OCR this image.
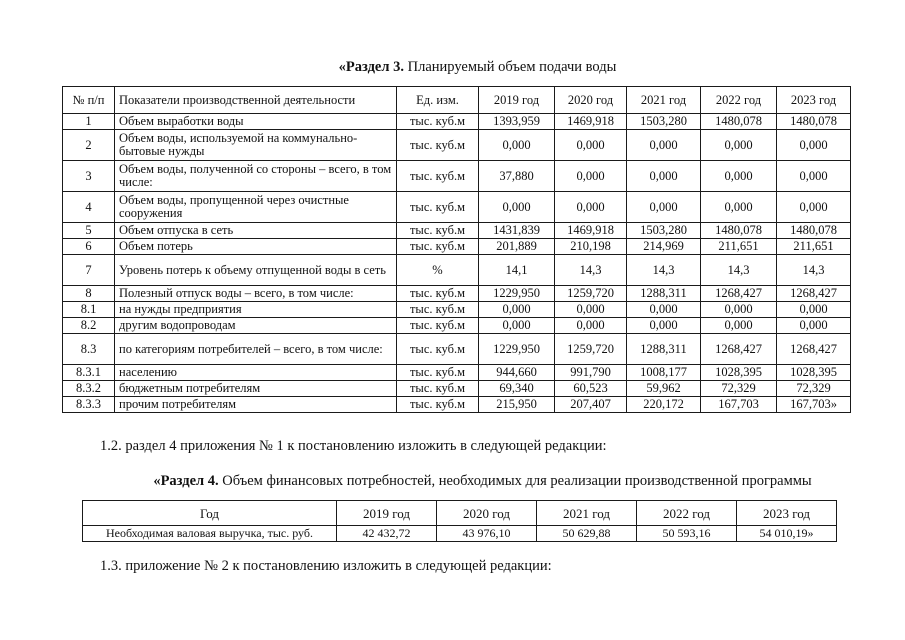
«Раздел 3. Планируемый объем подачи воды
№ п/п	Показатели производственной деятельности	Ед. изм.	2019 год	2020 год	2021 год	2022 год	2023 год
1	Объем выработки воды	тыс. куб.м	1393,959	1469,918	1503,280	1480,078	1480,078
2	Объем воды, используемой на коммунально-бытовые нужды	тыс. куб.м	0,000	0,000	0,000	0,000	0,000
3	Объем воды, полученной со стороны – всего, в том числе:	тыс. куб.м	37,880	0,000	0,000	0,000	0,000
4	Объем воды, пропущенной через очистные сооружения	тыс. куб.м	0,000	0,000	0,000	0,000	0,000
5	Объем отпуска в сеть	тыс. куб.м	1431,839	1469,918	1503,280	1480,078	1480,078
6	Объем потерь	тыс. куб.м	201,889	210,198	214,969	211,651	211,651
7	Уровень потерь к объему отпущенной воды в сеть	%	14,1	14,3	14,3	14,3	14,3
8	Полезный отпуск воды – всего, в том числе:	тыс. куб.м	1229,950	1259,720	1288,311	1268,427	1268,427
8.1	на нужды предприятия	тыс. куб.м	0,000	0,000	0,000	0,000	0,000
8.2	другим водопроводам	тыс. куб.м	0,000	0,000	0,000	0,000	0,000
8.3	по категориям потребителей – всего, в том числе:	тыс. куб.м	1229,950	1259,720	1288,311	1268,427	1268,427
8.3.1	населению	тыс. куб.м	944,660	991,790	1008,177	1028,395	1028,395
8.3.2	бюджетным потребителям	тыс. куб.м	69,340	60,523	59,962	72,329	72,329
8.3.3	прочим потребителям	тыс. куб.м	215,950	207,407	220,172	167,703	167,703»
1.2. раздел 4 приложения № 1 к постановлению изложить в следующей редакции:
«Раздел 4. Объем финансовых потребностей, необходимых для реализации производственной программы
Год	2019 год	2020 год	2021 год	2022 год	2023 год
Необходимая валовая выручка, тыс. руб.	42 432,72	43 976,10	50 629,88	50 593,16	54 010,19»
1.3. приложение № 2 к постановлению изложить в следующей редакции:
